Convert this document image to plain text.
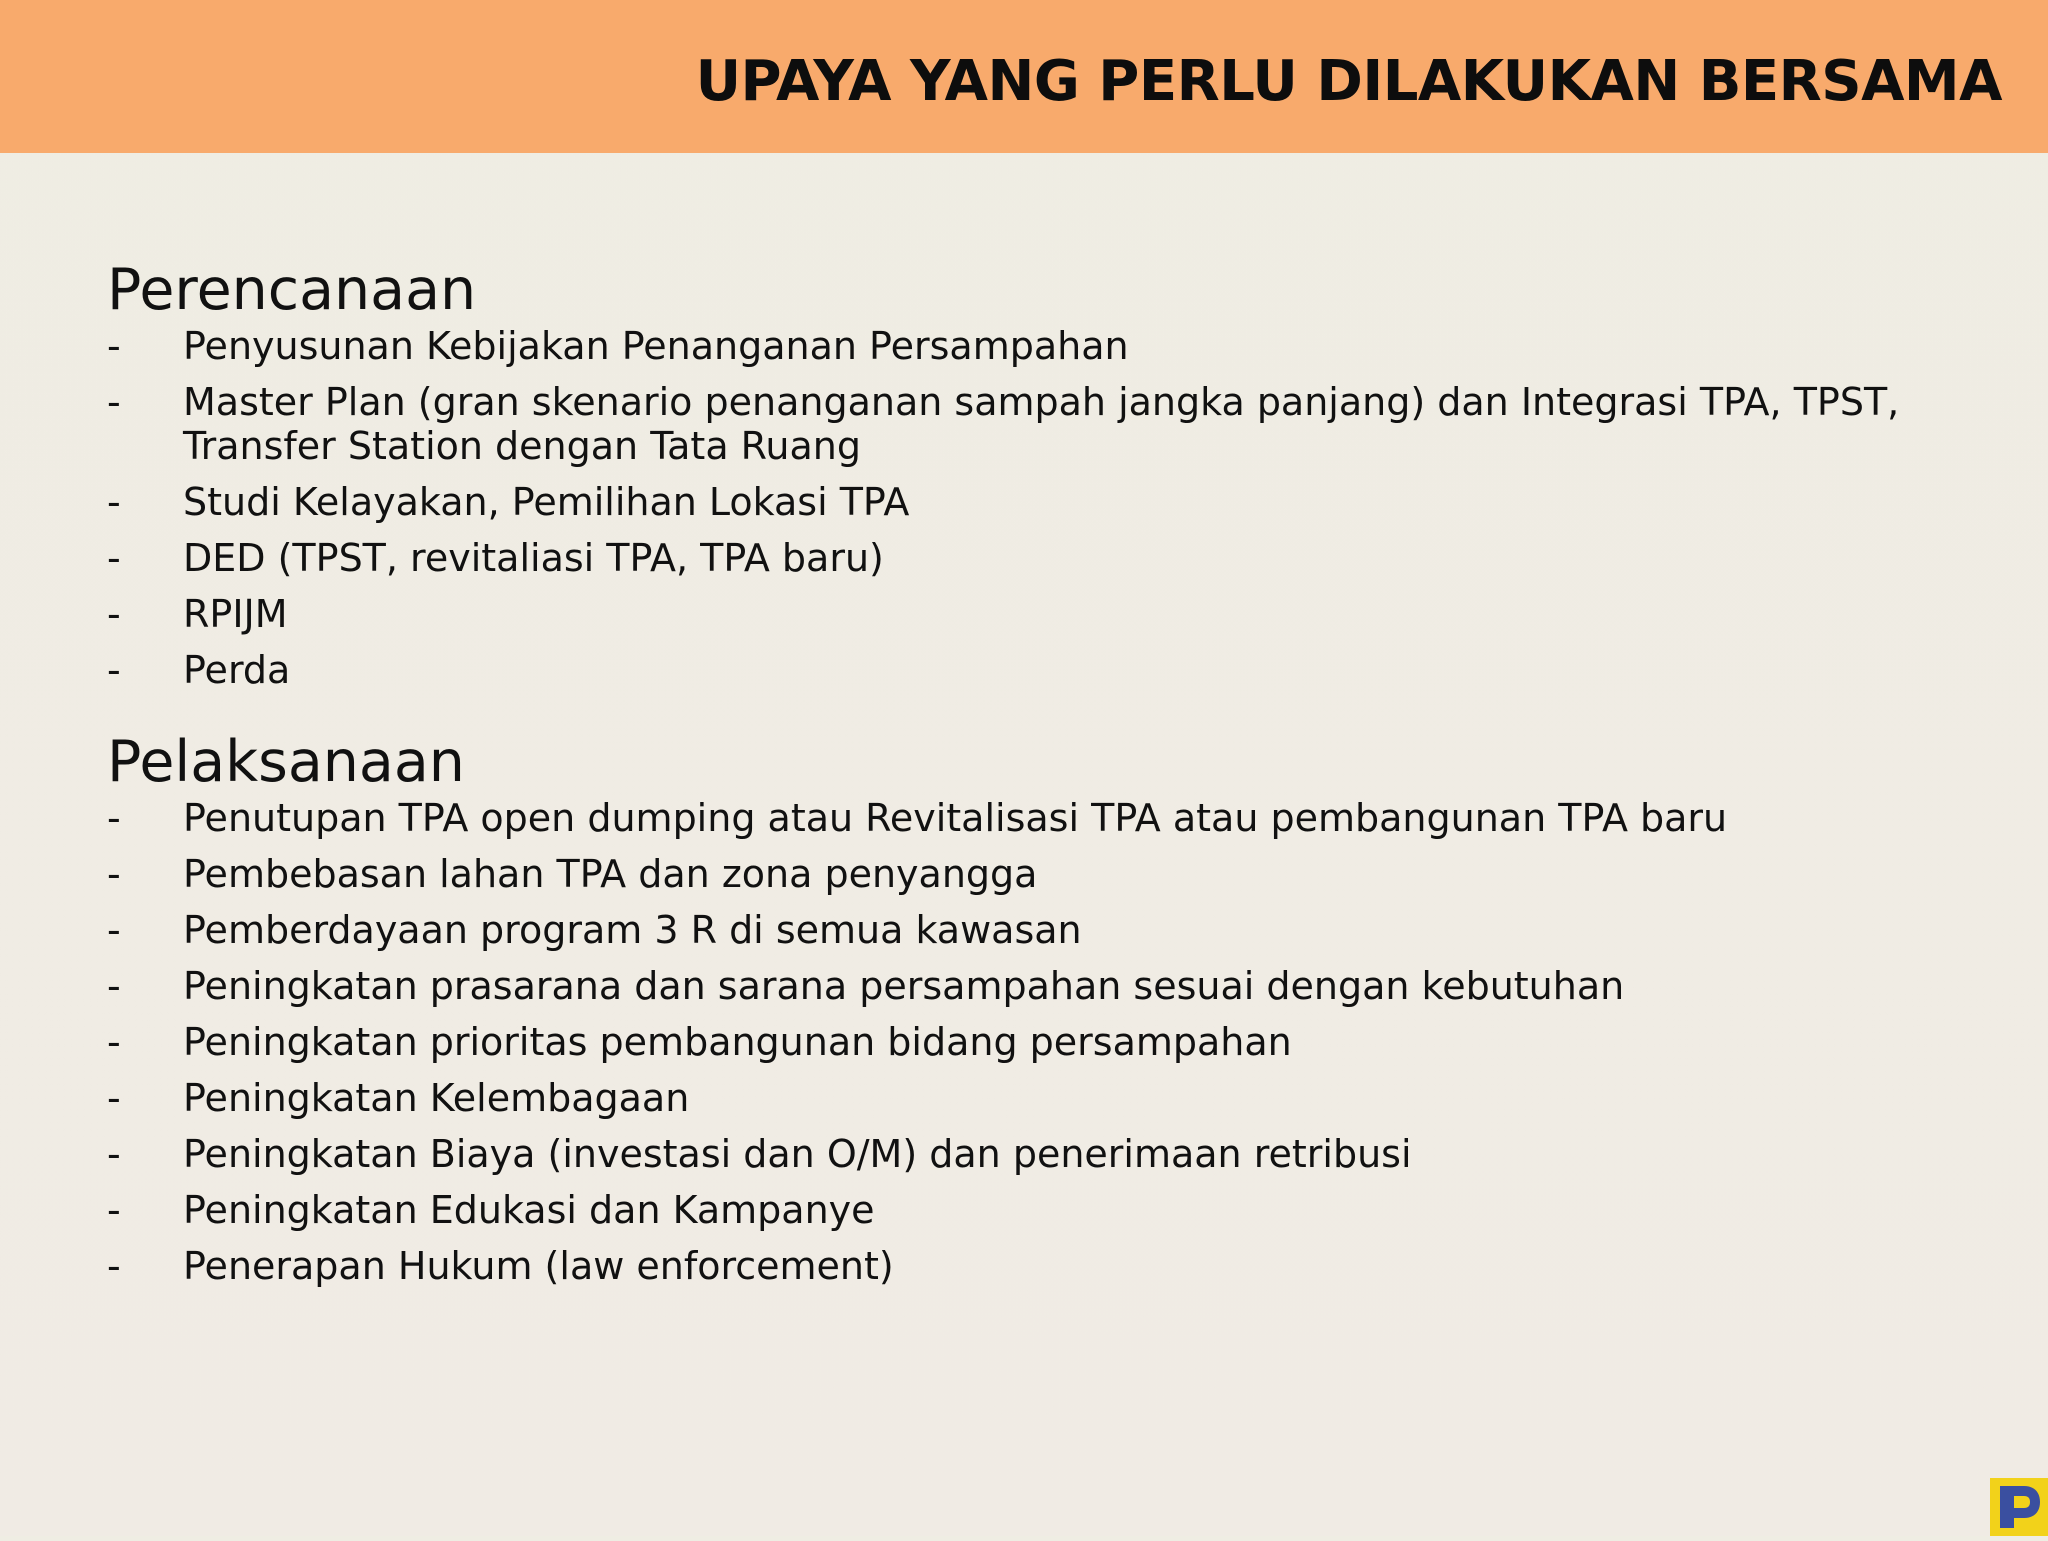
UPAYA YANG PERLU DILAKUKAN BERSAMA
Perencanaan
- Penyusunan Kebijakan Penanganan Persampahan
- Master Plan (gran skenario penanganan sampah jangka panjang) dan Integrasi TPA, TPST, Transfer Station dengan Tata Ruang
- Studi Kelayakan, Pemilihan Lokasi TPA
- DED (TPST, revitaliasi TPA, TPA baru)
- RPIJM
- Perda
Pelaksanaan
- Penutupan TPA open dumping atau Revitalisasi TPA atau pembangunan TPA baru
- Pembebasan lahan TPA dan zona penyangga
- Pemberdayaan program 3 R di semua kawasan
- Peningkatan prasarana dan sarana persampahan sesuai dengan kebutuhan
- Peningkatan prioritas pembangunan bidang persampahan
- Peningkatan Kelembagaan
- Peningkatan Biaya (investasi dan O/M) dan penerimaan retribusi
- Peningkatan Edukasi dan Kampanye
- Penerapan Hukum (law enforcement)
